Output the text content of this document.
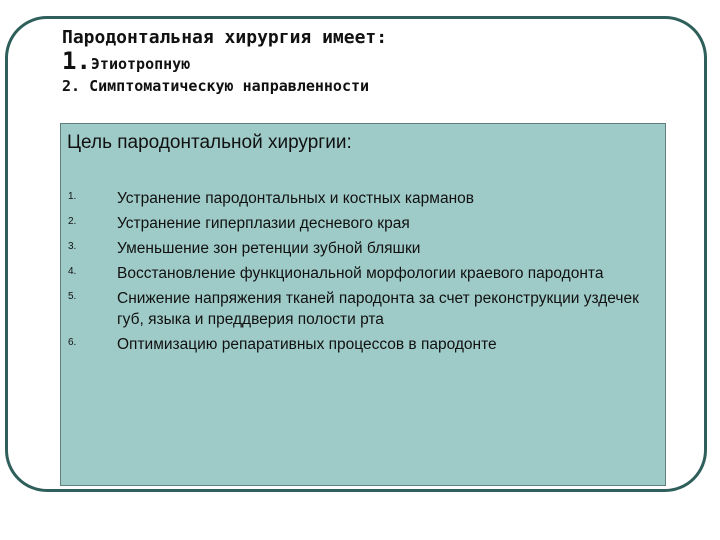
Пародонтальная хирургия имеет:
1.Этиотропную
2. Симптоматическую направленности
Цель пародонтальной хирургии:
1.	Устранение пародонтальных и костных карманов
2.	Устранение гиперплазии десневого края
3.	Уменьшение зон ретенции зубной бляшки
4.	Восстановление функциональной морфологии краевого пародонта
5.	Снижение напряжения тканей пародонта за счет реконструкции уздечек губ, языка и преддверия полости рта
6.	Оптимизацию репаративных процессов в пародонте
